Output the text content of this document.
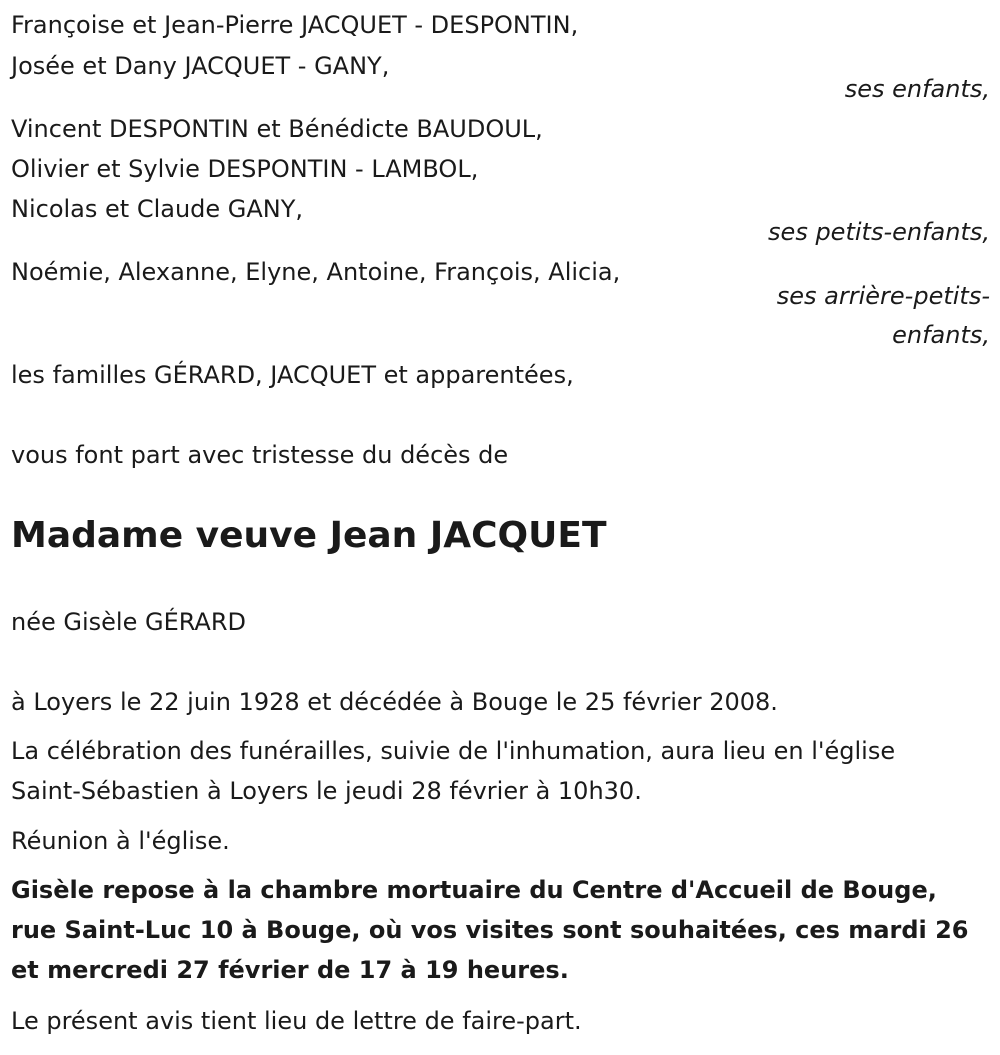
Françoise et Jean-Pierre JACQUET - DESPONTIN,
Josée et Dany JACQUET - GANY,
ses enfants,
Vincent DESPONTIN et Bénédicte BAUDOUL,
Olivier et Sylvie DESPONTIN - LAMBOL,
Nicolas et Claude GANY,
ses petits-enfants,
Noémie, Alexanne, Elyne, Antoine, François, Alicia,
ses arrière-petits-
enfants,
les familles GÉRARD, JACQUET et apparentées,
vous font part avec tristesse du décès de
Madame veuve Jean JACQUET
née Gisèle GÉRARD
à Loyers le 22 juin 1928 et décédée à Bouge le 25 février 2008.
La célébration des funérailles, suivie de l'inhumation, aura lieu en l'église
Saint-Sébastien à Loyers le jeudi 28 février à 10h30.
Réunion à l'église.
Gisèle repose à la chambre mortuaire du Centre d'Accueil de Bouge,
rue Saint-Luc 10 à Bouge, où vos visites sont souhaitées, ces mardi 26
et mercredi 27 février de 17 à 19 heures.
Le présent avis tient lieu de lettre de faire-part.
